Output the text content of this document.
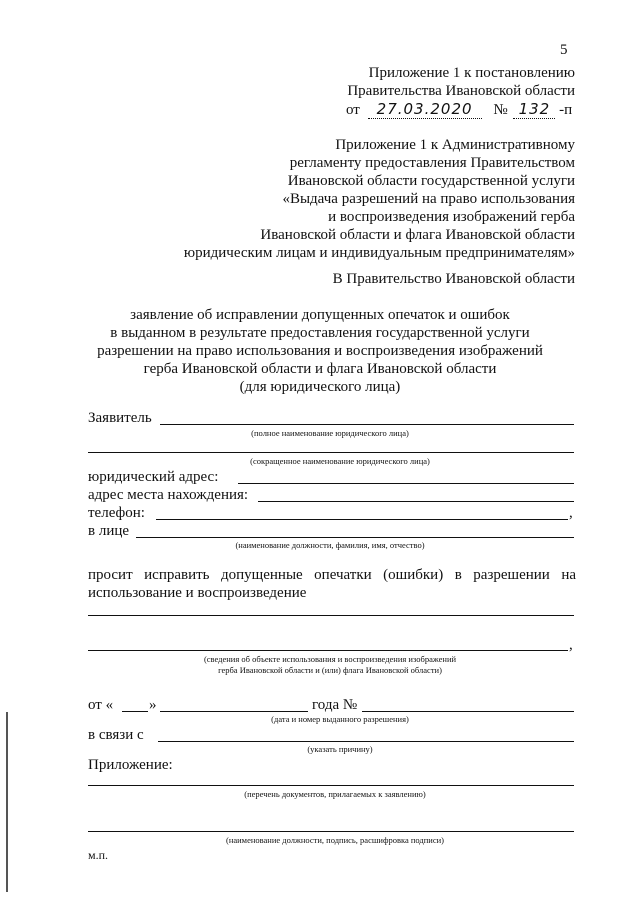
5
Приложение 1 к постановлению
Правительства Ивановской области
от 27.03.2020 № 132 -п
Приложение 1 к Административному
регламенту предоставления Правительством
Ивановской области государственной услуги
«Выдача разрешений на право использования
и воспроизведения изображений герба
Ивановской области и флага Ивановской области
юридическим лицам и индивидуальным предпринимателям»
В Правительство Ивановской области
заявление об исправлении допущенных опечаток и ошибок
в выданном в результате предоставления государственной услуги
разрешении на право использования и воспроизведения изображений
герба Ивановской области и флага Ивановской области
(для юридического лица)
Заявитель
(полное наименование юридического лица)
(сокращенное наименование юридического лица)
юридический адрес:
адрес места нахождения:
телефон:	,
в лице
(наименование должности, фамилия, имя, отчество)
просит исправить допущенные опечатки (ошибки) в разрешении на использование и воспроизведение
,
(сведения об объекте использования и воспроизведения изображений
герба Ивановской области и (или) флага Ивановской области)
от « »	года №
(дата и номер выданного разрешения)
в связи с
(указать причину)
Приложение:
(перечень документов, прилагаемых к заявлению)
(наименование должности, подпись, расшифровка подписи)
м.п.
